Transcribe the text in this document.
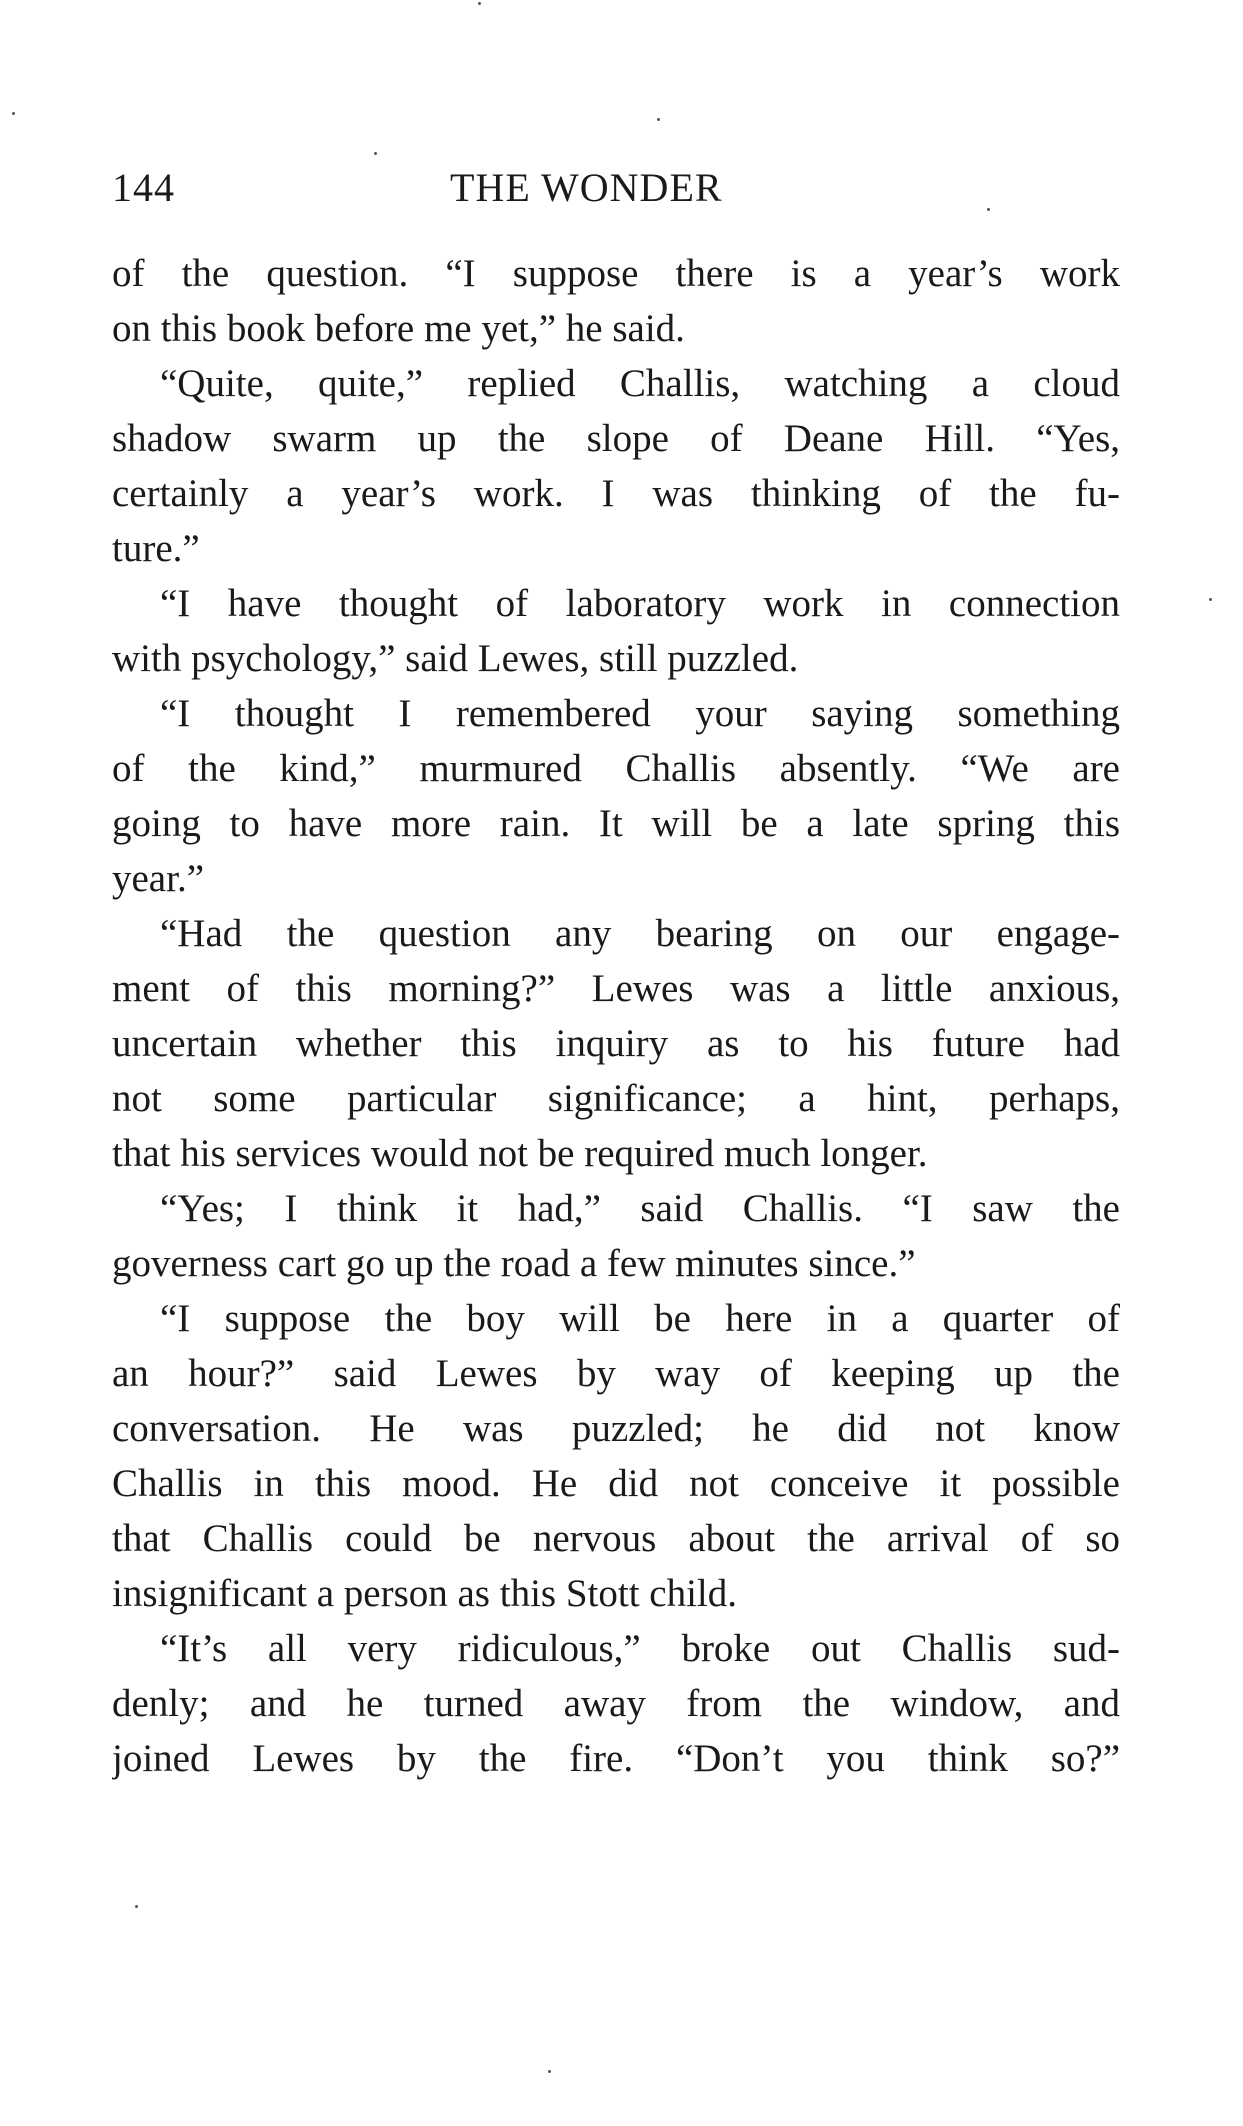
144	THE WONDER
of the question. “I suppose there is a year’s work
on this book before me yet,” he said.
“Quite, quite,” replied Challis, watching a cloud
shadow swarm up the slope of Deane Hill. “Yes,
certainly a year’s work. I was thinking of the fu-
ture.”
“I have thought of laboratory work in connection
with psychology,” said Lewes, still puzzled.
“I thought I remembered your saying something
of the kind,” murmured Challis absently. “We are
going to have more rain. It will be a late spring this
year.”
“Had the question any bearing on our engage-
ment of this morning?” Lewes was a little anxious,
uncertain whether this inquiry as to his future had
not some particular significance; a hint, perhaps,
that his services would not be required much longer.
“Yes; I think it had,” said Challis. “I saw the
governess cart go up the road a few minutes since.”
“I suppose the boy will be here in a quarter of
an hour?” said Lewes by way of keeping up the
conversation. He was puzzled; he did not know
Challis in this mood. He did not conceive it possible
that Challis could be nervous about the arrival of so
insignificant a person as this Stott child.
“It’s all very ridiculous,” broke out Challis sud-
denly; and he turned away from the window, and
joined Lewes by the fire. “Don’t you think so?”
